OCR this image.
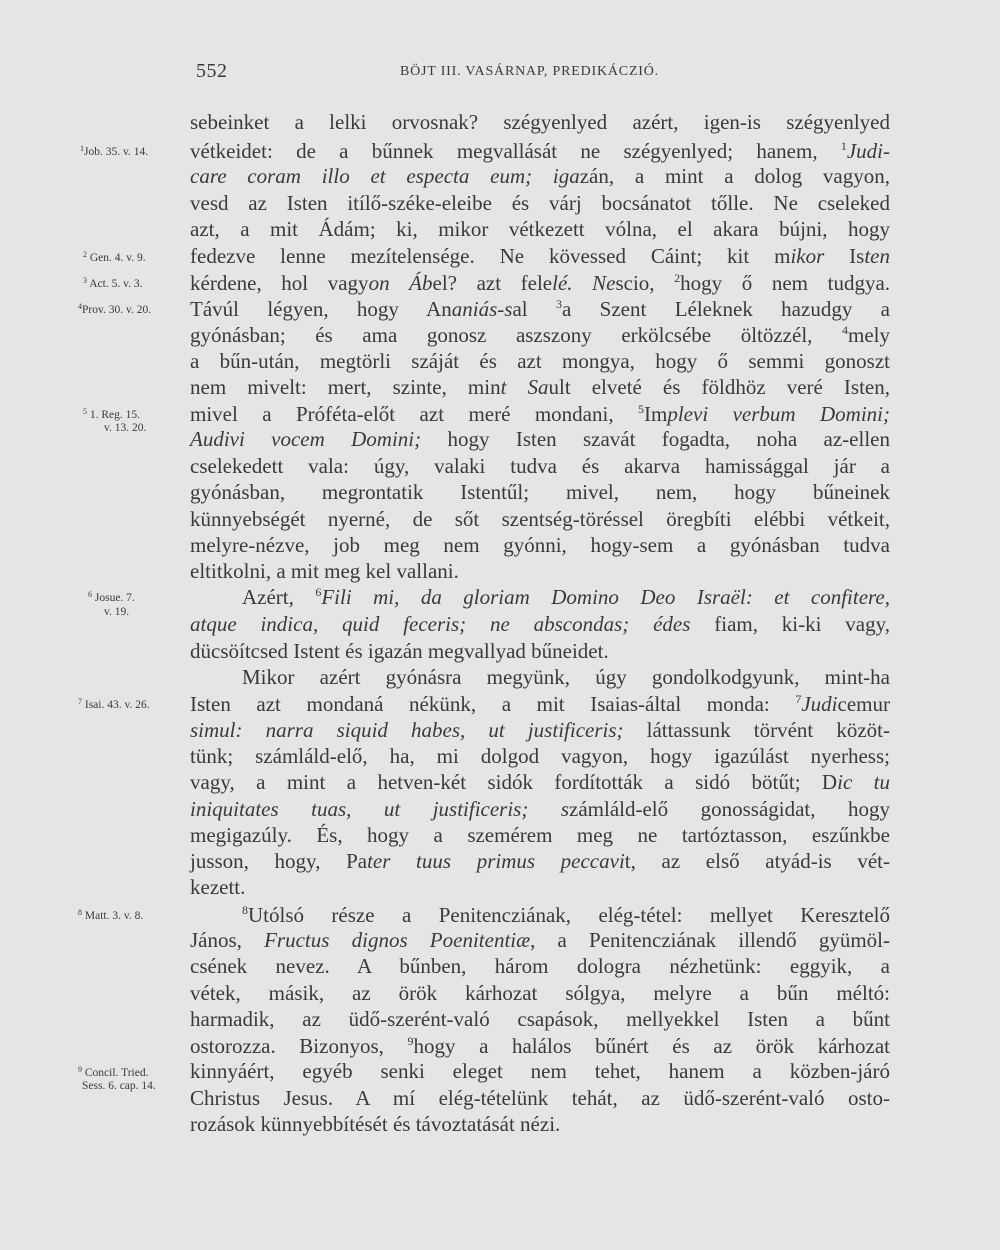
552	BÖJT III. VASÁRNAP, PREDIKÁCZIÓ.
sebeinket a lelki orvosnak? szégyenlyed azért, igen-is szégyenlyed
vétkeidet: de a bűnnek megvallását ne szégyenlyed; hanem, $^1$Judi-
care coram illo et especta eum; igazán, a mint a dolog vagyon,
vesd az Isten itílő-széke-eleibe és várj bocsánatot tőlle. Ne cseleked
azt, a mit Ádám; ki, mikor vétkezett vólna, el akara bújni, hogy
fedezve lenne mezítelensége. Ne kövessed Cáint; kit mikor Isten
kérdene, hol vagyon Ábel? azt felelé. Nescio, $^2$hogy ő nem tudgya.
Távúl légyen, hogy Ananiás-sal $^3$a Szent Léleknek hazudgy a
gyónásban; és ama gonosz aszszony erkölcsébe öltözzél, $^4$mely
a bűn-után, megtörli száját és azt mongya, hogy ő semmi gonoszt
nem mivelt: mert, szinte, mint Sault elveté és földhöz veré Isten,
mivel a Próféta-előt azt meré mondani, $^5$Implevi verbum Domini;
Audivi vocem Domini; hogy Isten szavát fogadta, noha az-ellen
cselekedett vala: úgy, valaki tudva és akarva hamissággal jár a
gyónásban, megrontatik Istentűl; mivel, nem, hogy bűneinek
künnyebségét nyerné, de sőt szentség-töréssel öregbíti elébbi vétkeit,
melyre-nézve, job meg nem gyónni, hogy-sem a gyónásban tudva
eltitkolni, a mit meg kel vallani.
Azért, $^6$Fili mi, da gloriam Domino Deo Israël: et confitere,
atque indica, quid feceris; ne abscondas; édes fiam, ki-ki vagy,
dücsöítcsed Istent és igazán megvallyad bűneidet.
Mikor azért gyónásra megyünk, úgy gondolkodgyunk, mint-ha
Isten azt mondaná nékünk, a mit Isaias-által monda: $^7$Judicemur
simul: narra siquid habes, ut justificeris; láttassunk törvént közöt-
tünk; számláld-elő, ha, mi dolgod vagyon, hogy igazúlást nyerhess;
vagy, a mint a hetven-két sidók fordították a sidó bötűt; Dic tu
iniquitates tuas, ut justificeris; számláld-elő gonosságidat, hogy
megigazúly. És, hogy a szemérem meg ne tartóztasson, eszűnkbe
jusson, hogy, Pater tuus primus peccavit, az első atyád-is vét-
kezett.
$^8$Utólsó része a Penitencziának, elég-tétel: mellyet Keresztelő
János, Fructus dignos Poenitentiæ, a Penitencziának illendő gyümöl-
csének nevez. A bűnben, három dologra nézhetünk: eggyik, a
vétek, másik, az örök kárhozat sólgya, melyre a bűn méltó:
harmadik, az üdő-szerént-való csapások, mellyekkel Isten a bűnt
ostorozza. Bizonyos, $^9$hogy a halálos bűnért és az örök kárhozat
kinnyáért, egyéb senki eleget nem tehet, hanem a közben-járó
Christus Jesus. A mí elég-tételünk tehát, az üdő-szerént-való osto-
rozások künnyebbítését és távoztatását nézi.
$^1$Job. 35. v. 14.
$^2$ Gen. 4. v. 9.
$^3$ Act. 5. v. 3.
$^4$Prov. 30. v. 20.
$^5$ 1. Reg. 15.
v. 13. 20.
$^6$ Josue. 7.
v. 19.
$^7$ Isai. 43. v. 26.
$^8$ Matt. 3. v. 8.
$^9$ Concil. Tried.
Sess. 6. cap. 14.
